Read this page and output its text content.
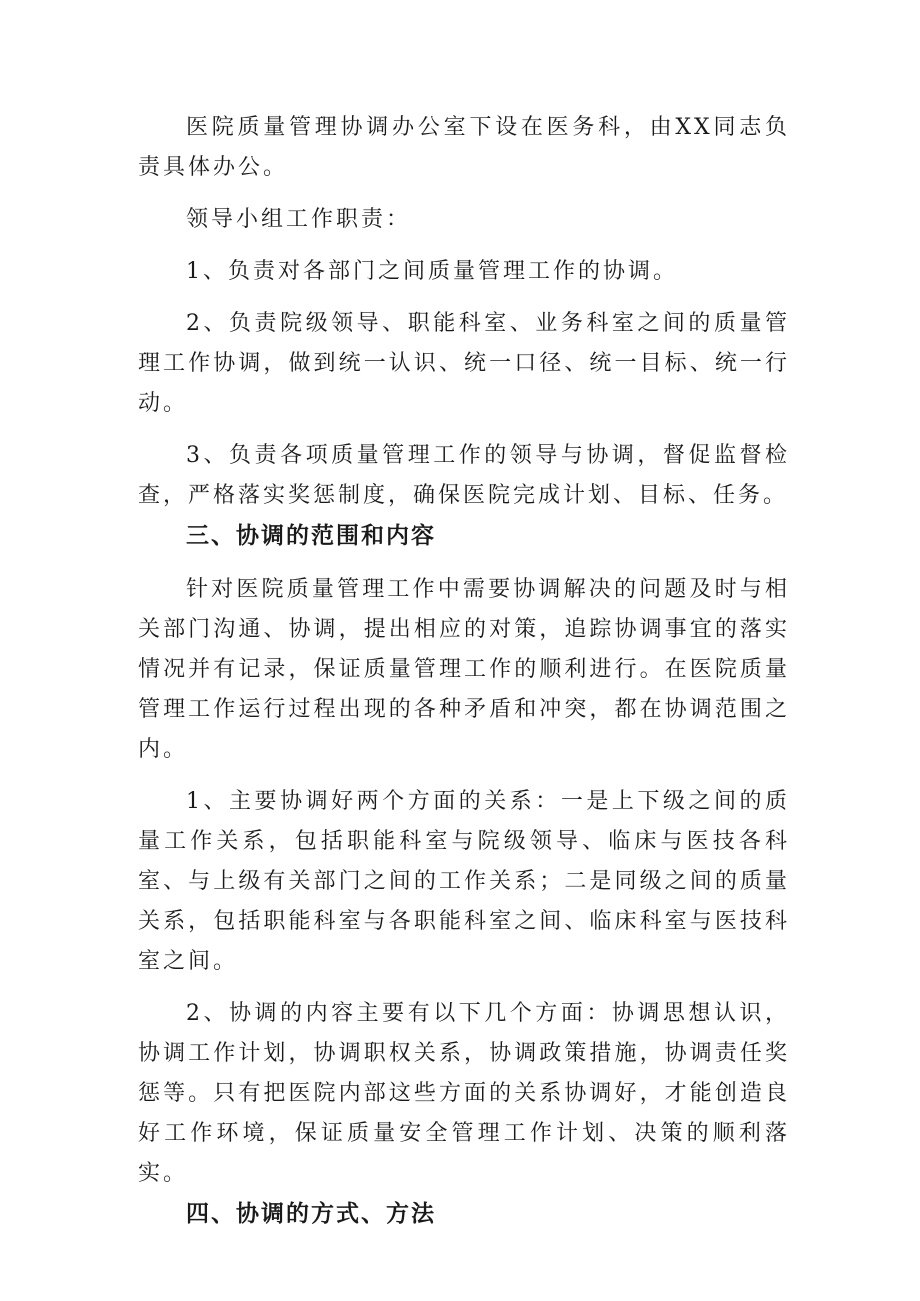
医院质量管理协调办公室下设在医务科，由XX同志负责具体办公。

领导小组工作职责：

1、负责对各部门之间质量管理工作的协调。

2、负责院级领导、职能科室、业务科室之间的质量管理工作协调，做到统一认识、统一口径、统一目标、统一行动。

3、负责各项质量管理工作的领导与协调，督促监督检查，严格落实奖惩制度，确保医院完成计划、目标、任务。

三、协调的范围和内容

针对医院质量管理工作中需要协调解决的问题及时与相关部门沟通、协调，提出相应的对策，追踪协调事宜的落实情况并有记录，保证质量管理工作的顺利进行。在医院质量管理工作运行过程出现的各种矛盾和冲突，都在协调范围之内。

1、主要协调好两个方面的关系：一是上下级之间的质量工作关系，包括职能科室与院级领导、临床与医技各科室、与上级有关部门之间的工作关系；二是同级之间的质量关系，包括职能科室与各职能科室之间、临床科室与医技科室之间。

2、协调的内容主要有以下几个方面：协调思想认识，协调工作计划，协调职权关系，协调政策措施，协调责任奖惩等。只有把医院内部这些方面的关系协调好，才能创造良好工作环境，保证质量安全管理工作计划、决策的顺利落实。

四、协调的方式、方法
